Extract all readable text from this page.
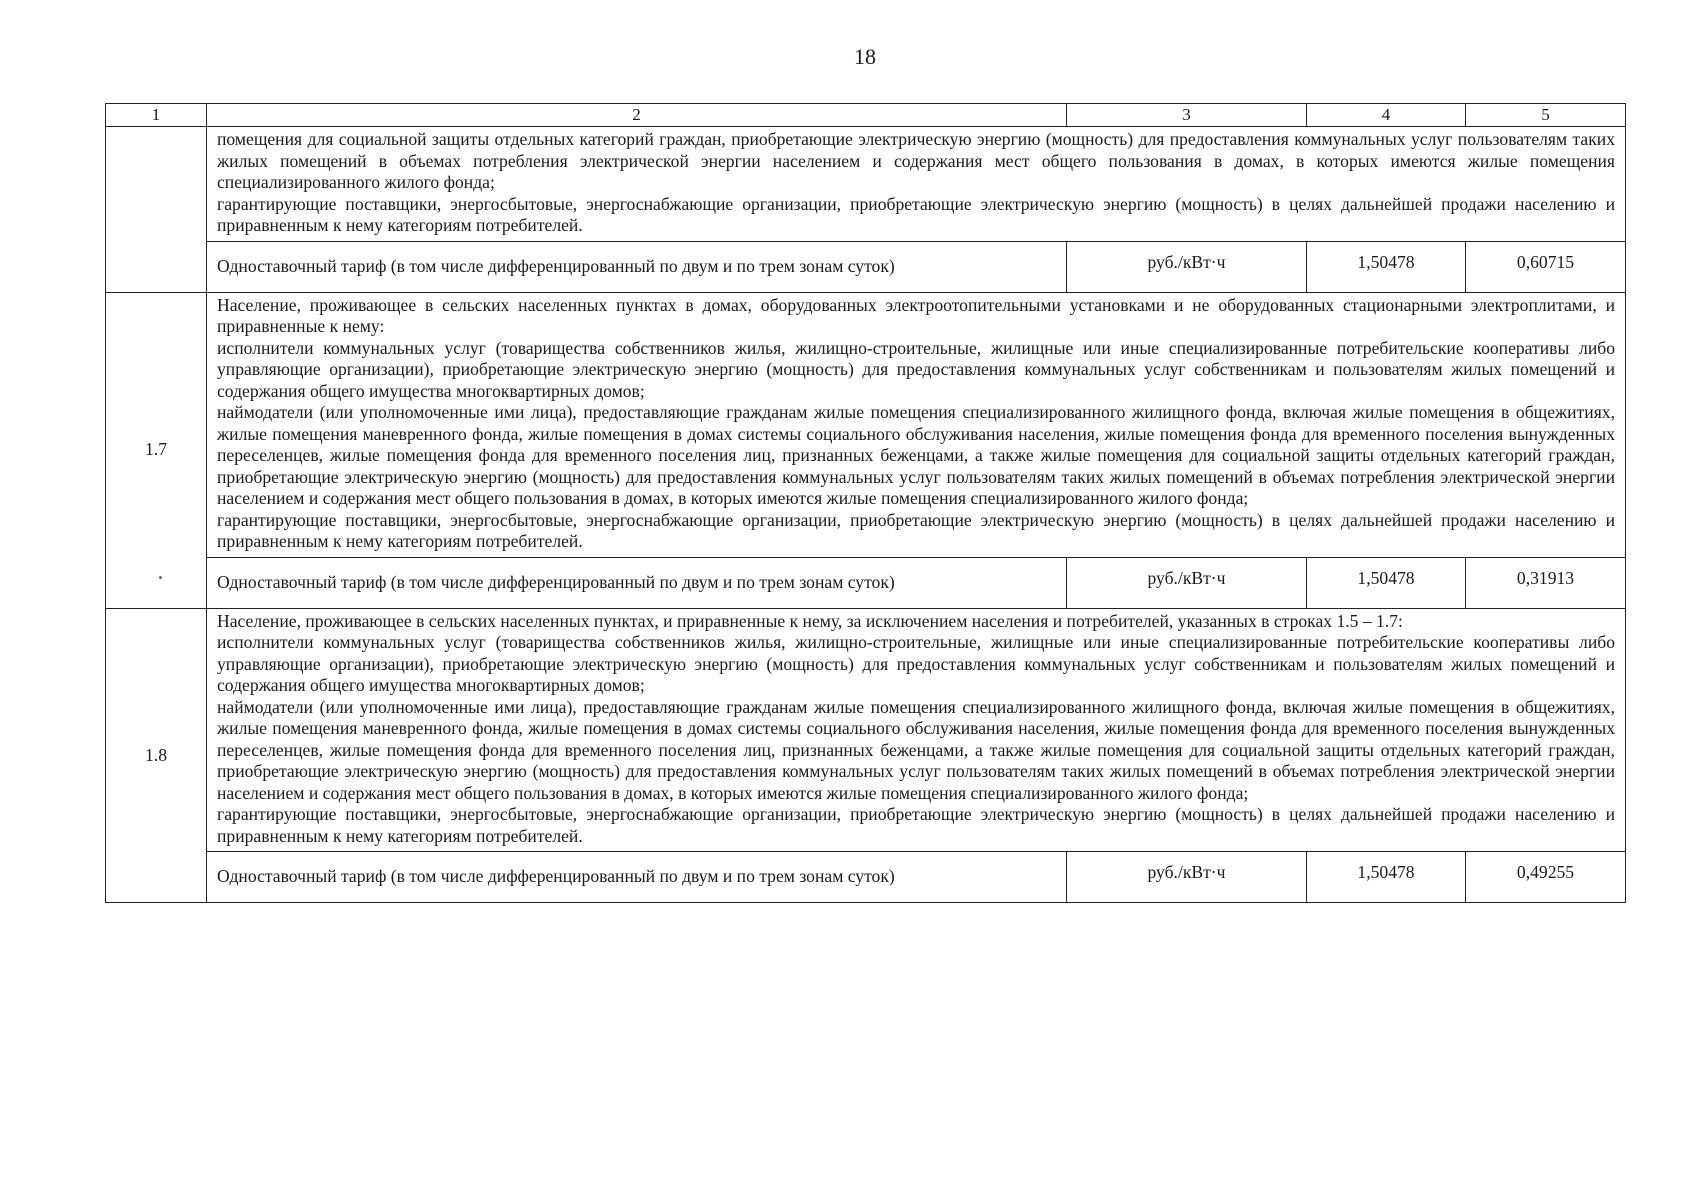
18
1	2	3	4	5

	помещения для социальной защиты отдельных категорий граждан, приобретающие электрическую энергию (мощность) для предоставления коммунальных услуг пользователям таких жилых помещений в объемах потребления электрической энергии населением и содержания мест общего пользования в домах, в которых имеются жилые помещения специализированного жилого фонда;

гарантирующие поставщики, энергосбытовые, энергоснабжающие организации, приобретающие электрическую энергию (мощность) в целях дальнейшей продажи населению и приравненным к нему категориям потребителей.			

	Одноставочный тариф (в том числе дифференцированный по двум и по трем зонам суток)	руб./кВт·ч	1,50478	0,60715
1.7	Население, проживающее в сельских населенных пунктах в домах, оборудованных электроотопительными установками и не оборудованных стационарными электроплитами, и приравненные к нему:

исполнители коммунальных услуг (товарищества собственников жилья, жилищно-строительные, жилищные или иные специализированные потребительские кооперативы либо управляющие организации), приобретающие электрическую энергию (мощность) для предоставления коммунальных услуг собственникам и пользователям жилых помещений и содержания общего имущества многоквартирных домов;

наймодатели (или уполномоченные ими лица), предоставляющие гражданам жилые помещения специализированного жилищного фонда, включая жилые помещения в общежитиях, жилые помещения маневренного фонда, жилые помещения в домах системы социального обслуживания населения, жилые помещения фонда для временного поселения вынужденных переселенцев, жилые помещения фонда для временного поселения лиц, признанных беженцами, а также жилые помещения для социальной защиты отдельных категорий граждан, приобретающие электрическую энергию (мощность) для предоставления коммунальных услуг пользователям таких жилых помещений в объемах потребления электрической энергии населением и содержания мест общего пользования в домах, в которых имеются жилые помещения специализированного жилого фонда;

гарантирующие поставщики, энергосбытовые, энергоснабжающие организации, приобретающие электрическую энергию (мощность) в целях дальнейшей продажи населению и приравненным к нему категориям потребителей.			

	Одноставочный тариф (в том числе дифференцированный по двум и по трем зонам суток)	руб./кВт·ч	1,50478	0,31913
1.8	Население, проживающее в сельских населенных пунктах, и приравненные к нему, за исключением населения и потребителей, указанных в строках 1.5 – 1.7:

исполнители коммунальных услуг (товарищества собственников жилья, жилищно-строительные, жилищные или иные специализированные потребительские кооперативы либо управляющие организации), приобретающие электрическую энергию (мощность) для предоставления коммунальных услуг собственникам и пользователям жилых помещений и содержания общего имущества многоквартирных домов;

наймодатели (или уполномоченные ими лица), предоставляющие гражданам жилые помещения специализированного жилищного фонда, включая жилые помещения в общежитиях, жилые помещения маневренного фонда, жилые помещения в домах системы социального обслуживания населения, жилые помещения фонда для временного поселения вынужденных переселенцев, жилые помещения фонда для временного поселения лиц, признанных беженцами, а также жилые помещения для социальной защиты отдельных категорий граждан, приобретающие электрическую энергию (мощность) для предоставления коммунальных услуг пользователям таких жилых помещений в объемах потребления электрической энергии населением и содержания мест общего пользования в домах, в которых имеются жилые помещения специализированного жилого фонда;

гарантирующие поставщики, энергосбытовые, энергоснабжающие организации, приобретающие электрическую энергию (мощность) в целях дальнейшей продажи населению и приравненным к нему категориям потребителей.			

	Одноставочный тариф (в том числе дифференцированный по двум и по трем зонам суток)	руб./кВт·ч	1,50478	0,49255
